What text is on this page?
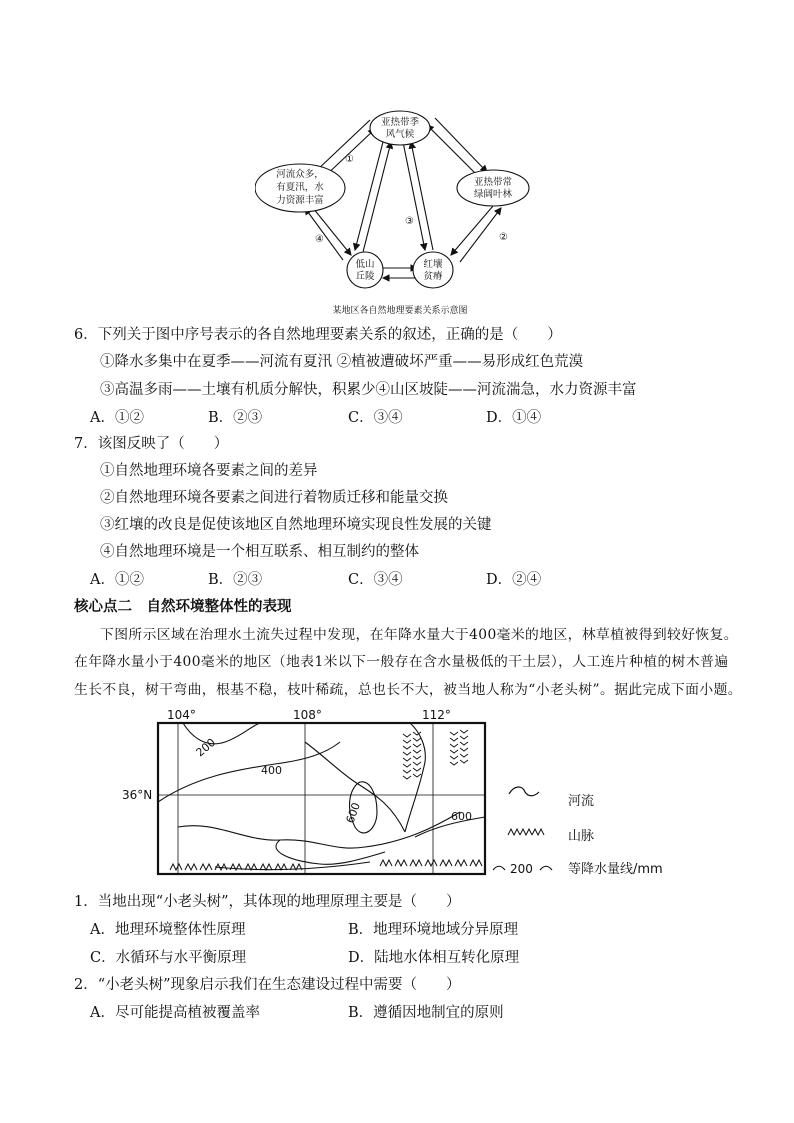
亚热带季
风气候
河流众多，
有夏汛，水
力资源丰富
亚热带常
绿阔叶林
低山
丘陵
红壤
贫瘠
①
②
③
④
某地区各自然地理要素关系示意图
6．下列关于图中序号表示的各自然地理要素关系的叙述，正确的是（　　）
①降水多集中在夏季——河流有夏汛 ②植被遭破坏严重——易形成红色荒漠
③高温多雨——土壤有机质分解快，积累少④山区坡陡——河流湍急，水力资源丰富
A．①②	B．②③	C．③④	D．①④
7．该图反映了（　　）
①自然地理环境各要素之间的差异
②自然地理环境各要素之间进行着物质迁移和能量交换
③红壤的改良是促使该地区自然地理环境实现良性发展的关键
④自然地理环境是一个相互联系、相互制约的整体
A．①②	B．②③	C．③④	D．②④
核心点二　自然环境整体性的表现
下图所示区域在治理水土流失过程中发现，在年降水量大于400毫米的地区，林草植被得到较好恢复。
在年降水量小于400毫米的地区（地表1米以下一般存在含水量极低的干土层），人工连片种植的树木普遍
生长不良，树干弯曲，根基不稳，枝叶稀疏，总也长不大，被当地人称为“小老头树”。据此完成下面小题。
104°	108°	112°
36°N
200
400
600	600
河流
山脉
200	等降水量线/mm
1．当地出现“小老头树”，其体现的地理原理主要是（　　）
A．地理环境整体性原理	B．地理环境地域分异原理
C．水循环与水平衡原理	D．陆地水体相互转化原理
2．“小老头树”现象启示我们在生态建设过程中需要（　　）
A．尽可能提高植被覆盖率	B．遵循因地制宜的原则
